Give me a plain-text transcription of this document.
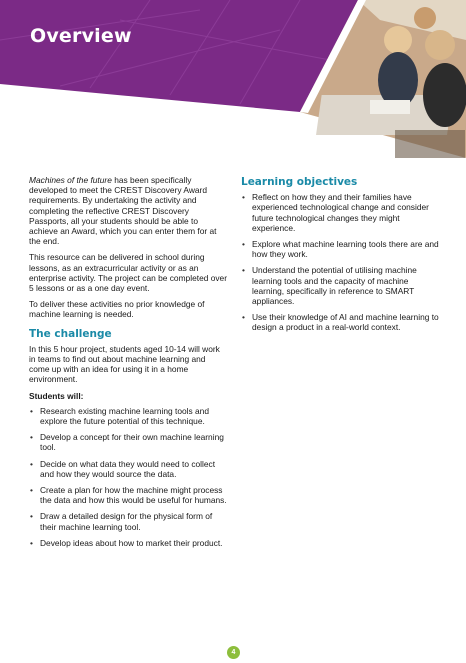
Overview

Machines of the future has been specifically developed to meet the CREST Discovery Award requirements. By undertaking the activity and completing the reflective CREST Discovery Passports, all your students should be able to achieve an Award, which you can enter them for at the end.

This resource can be delivered in school during lessons, as an extracurricular activity or as an enterprise activity. The project can be completed over 5 lessons or as a one day event.

To deliver these activities no prior knowledge of machine learning is needed.

The challenge

In this 5 hour project, students aged 10-14 will work in teams to find out about machine learning and come up with an idea for using it in a home environment.

Students will:
• Research existing machine learning tools and explore the future potential of this technique.
• Develop a concept for their own machine learning tool.
• Decide on what data they would need to collect and how they would source the data.
• Create a plan for how the machine might process the data and how this would be useful for humans.
• Draw a detailed design for the physical form of their machine learning tool.
• Develop ideas about how to market their product.
Learning objectives
• Reflect on how they and their families have experienced technological change and consider future technological changes they might experience.
• Explore what machine learning tools there are and how they work.
• Understand the potential of utilising machine learning tools and the capacity of machine learning, specifically in reference to SMART appliances.
• Use their knowledge of AI and machine learning to design a product in a real-world context.
4
